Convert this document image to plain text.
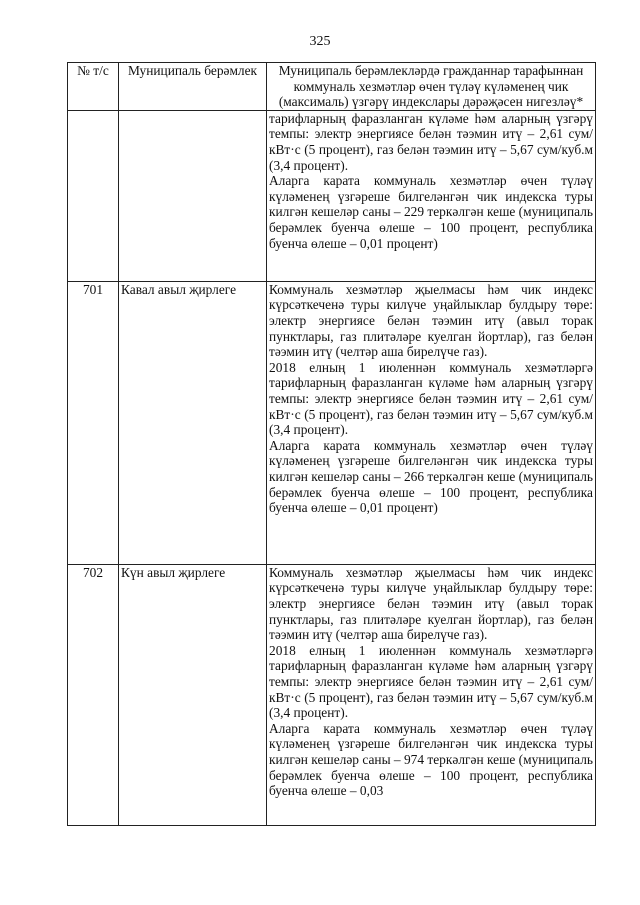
325
№ т/с	Муниципаль берәмлек	Муниципаль берәмлекләрдә гражданнар тарафыннан коммуналь хезмәтләр өчен түләү күләменең чик (максималь) үзгәрү индекслары дәрәҗәсен нигезләү*

		тарифларның фаразланган күләме һәм аларның үзгәрү темпы: электр энергиясе белән тәэмин итү – 2,61 сум/кВт·с (5 процент), газ белән тәэмин итү – 5,67 сум/куб.м (3,4 процент).
Аларга карата коммуналь хезмәтләр өчен түләү күләменең үзгәреше билгеләнгән чик индекска туры килгән кешеләр саны – 229 теркәлгән кеше (муниципаль берәмлек буенча өлеше – 100 процент, республика буенча өлеше – 0,01 процент)

701	Кавал авыл җирлеге	Коммуналь хезмәтләр җыелмасы һәм чик индекс күрсәткеченә туры килүче уңайлыклар булдыру төре: электр энергиясе белән тәэмин итү (авыл торак пунктлары, газ плитәләре куелган йортлар), газ белән тәэмин итү (челтәр аша бирелүче газ).
2018 елның 1 июленнән коммуналь хезмәтләргә тарифларның фаразланган күләме һәм аларның үзгәрү темпы: электр энергиясе белән тәэмин итү – 2,61 сум/кВт·с (5 процент), газ белән тәэмин итү – 5,67 сум/куб.м (3,4 процент).
Аларга карата коммуналь хезмәтләр өчен түләү күләменең үзгәреше билгеләнгән чик индекска туры килгән кешеләр саны – 266 теркәлгән кеше (муниципаль берәмлек буенча өлеше – 100 процент, республика буенча өлеше – 0,01 процент)

702	Күн авыл җирлеге	Коммуналь хезмәтләр җыелмасы һәм чик индекс күрсәткеченә туры килүче уңайлыклар булдыру төре: электр энергиясе белән тәэмин итү (авыл торак пунктлары, газ плитәләре куелган йортлар), газ белән тәэмин итү (челтәр аша бирелүче газ).
2018 елның 1 июленнән коммуналь хезмәтләргә тарифларның фаразланган күләме һәм аларның үзгәрү темпы: электр энергиясе белән тәэмин итү – 2,61 сум/кВт·с (5 процент), газ белән тәэмин итү – 5,67 сум/куб.м (3,4 процент).
Аларга карата коммуналь хезмәтләр өчен түләү күләменең үзгәреше билгеләнгән чик индекска туры килгән кешеләр саны – 974 теркәлгән кеше (муниципаль берәмлек буенча өлеше – 100 процент, республика буенча өлеше – 0,03
